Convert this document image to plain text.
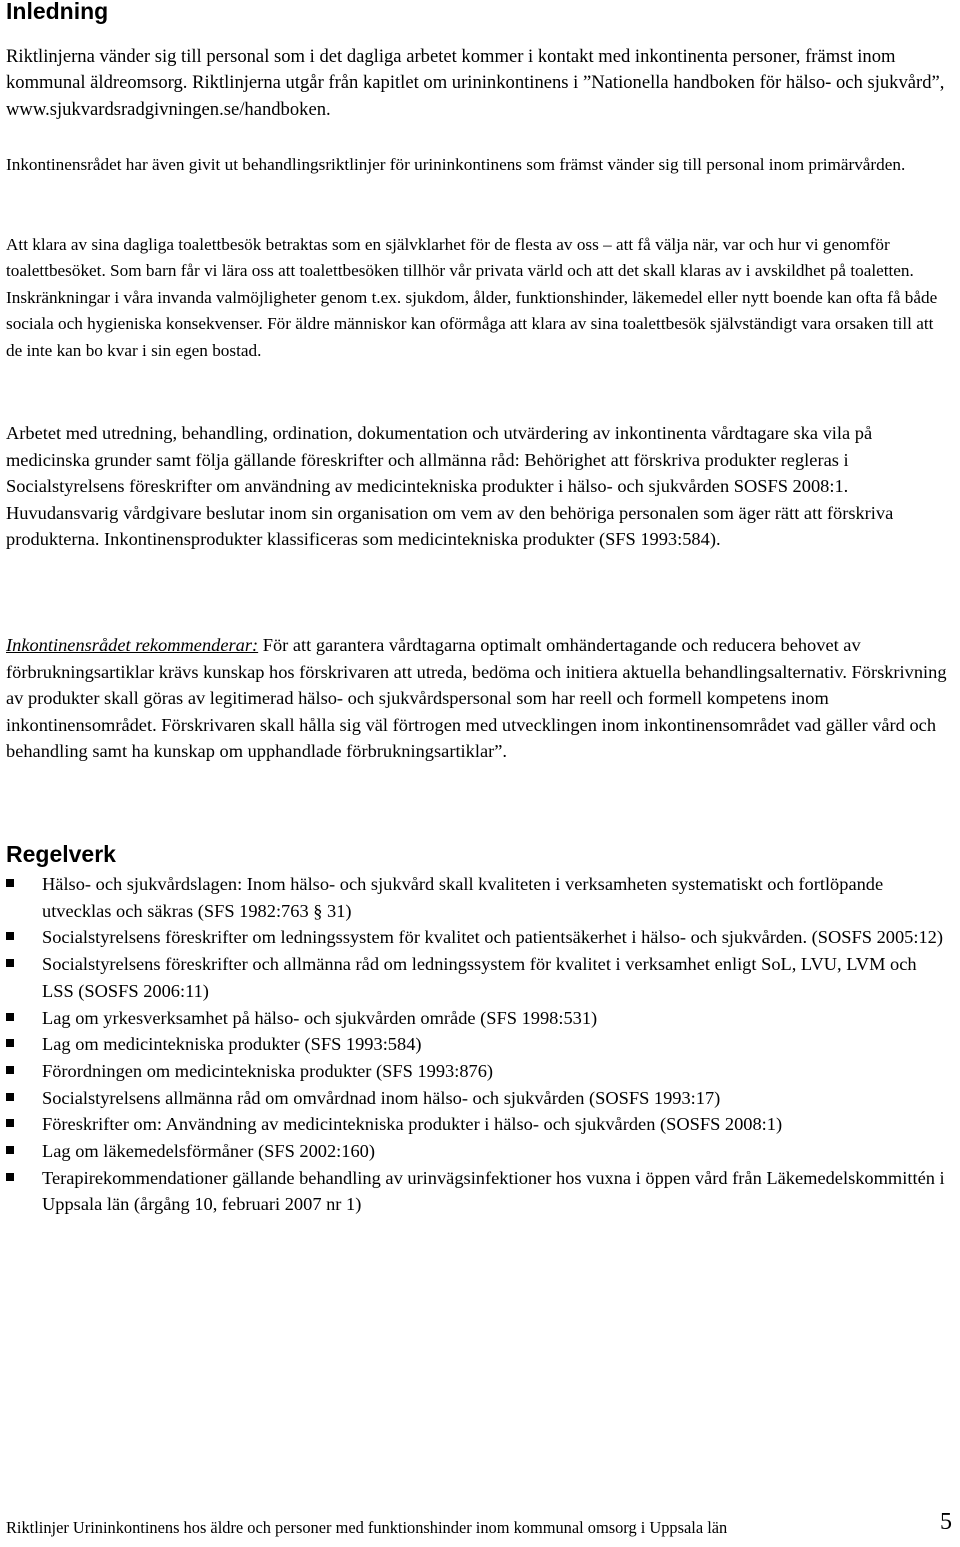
Inledning

Riktlinjerna vänder sig till personal som i det dagliga arbetet kommer i kontakt med inkontinenta personer, främst inom kommunal äldreomsorg. Riktlinjerna utgår från kapitlet om urininkontinens i ”Nationella handboken för hälso- och sjukvård”, www.sjukvardsradgivningen.se/handboken.

Inkontinensrådet har även givit ut behandlingsriktlinjer för urininkontinens som främst vänder sig till personal inom primärvården.

Att klara av sina dagliga toalettbesök betraktas som en självklarhet för de flesta av oss – att få välja när, var och hur vi genomför toalettbesöket. Som barn får vi lära oss att toalettbesöken tillhör vår privata värld och att det skall klaras av i avskildhet på toaletten. Inskränkningar i våra invanda valmöjligheter genom t.ex. sjukdom, ålder, funktionshinder, läkemedel eller nytt boende kan ofta få både sociala och hygieniska konsekvenser. För äldre människor kan oförmåga att klara av sina toalettbesök självständigt vara orsaken till att de inte kan bo kvar i sin egen bostad.

Arbetet med utredning, behandling, ordination, dokumentation och utvärdering av inkontinenta vårdtagare ska vila på medicinska grunder samt följa gällande föreskrifter och allmänna råd: Behörighet att förskriva produkter regleras i Socialstyrelsens föreskrifter om användning av medicintekniska produkter i hälso- och sjukvården SOSFS 2008:1.
Huvudansvarig vårdgivare beslutar inom sin organisation om vem av den behöriga personalen som äger rätt att förskriva produkterna. Inkontinensprodukter klassificeras som medicintekniska produkter (SFS 1993:584).

Inkontinensrådet rekommenderar: För att garantera vårdtagarna optimalt omhändertagande och reducera behovet av förbrukningsartiklar krävs kunskap hos förskrivaren att utreda, bedöma och initiera aktuella behandlingsalternativ. Förskrivning av produkter skall göras av legitimerad hälso- och sjukvårdspersonal som har reell och formell kompetens inom inkontinensområdet. Förskrivaren skall hålla sig väl förtrogen med utvecklingen inom inkontinensområdet vad gäller vård och behandling samt ha kunskap om upphandlade förbrukningsartiklar”.

Regelverk
Hälso- och sjukvårdslagen: Inom hälso- och sjukvård skall kvaliteten i verksamheten systematiskt och fortlöpande utvecklas och säkras (SFS 1982:763 § 31)
Socialstyrelsens föreskrifter om ledningssystem för kvalitet och patientsäkerhet i hälso- och sjukvården. (SOSFS 2005:12)
Socialstyrelsens föreskrifter och allmänna råd om ledningssystem för kvalitet i verksamhet enligt SoL, LVU, LVM och LSS (SOSFS 2006:11)
Lag om yrkesverksamhet på hälso- och sjukvården område (SFS 1998:531)
Lag om medicintekniska produkter (SFS 1993:584)
Förordningen om medicintekniska produkter (SFS 1993:876)
Socialstyrelsens allmänna råd om omvårdnad inom hälso- och sjukvården (SOSFS 1993:17)
Föreskrifter om: Användning av medicintekniska produkter i hälso- och sjukvården (SOSFS 2008:1)
Lag om läkemedelsförmåner (SFS 2002:160)
Terapirekommendationer gällande behandling av urinvägsinfektioner hos vuxna i öppen vård från Läkemedelskommittén i Uppsala län (årgång 10, februari 2007 nr 1)
Riktlinjer Urininkontinens hos äldre och personer med funktionshinder inom kommunal omsorg i Uppsala län	5
